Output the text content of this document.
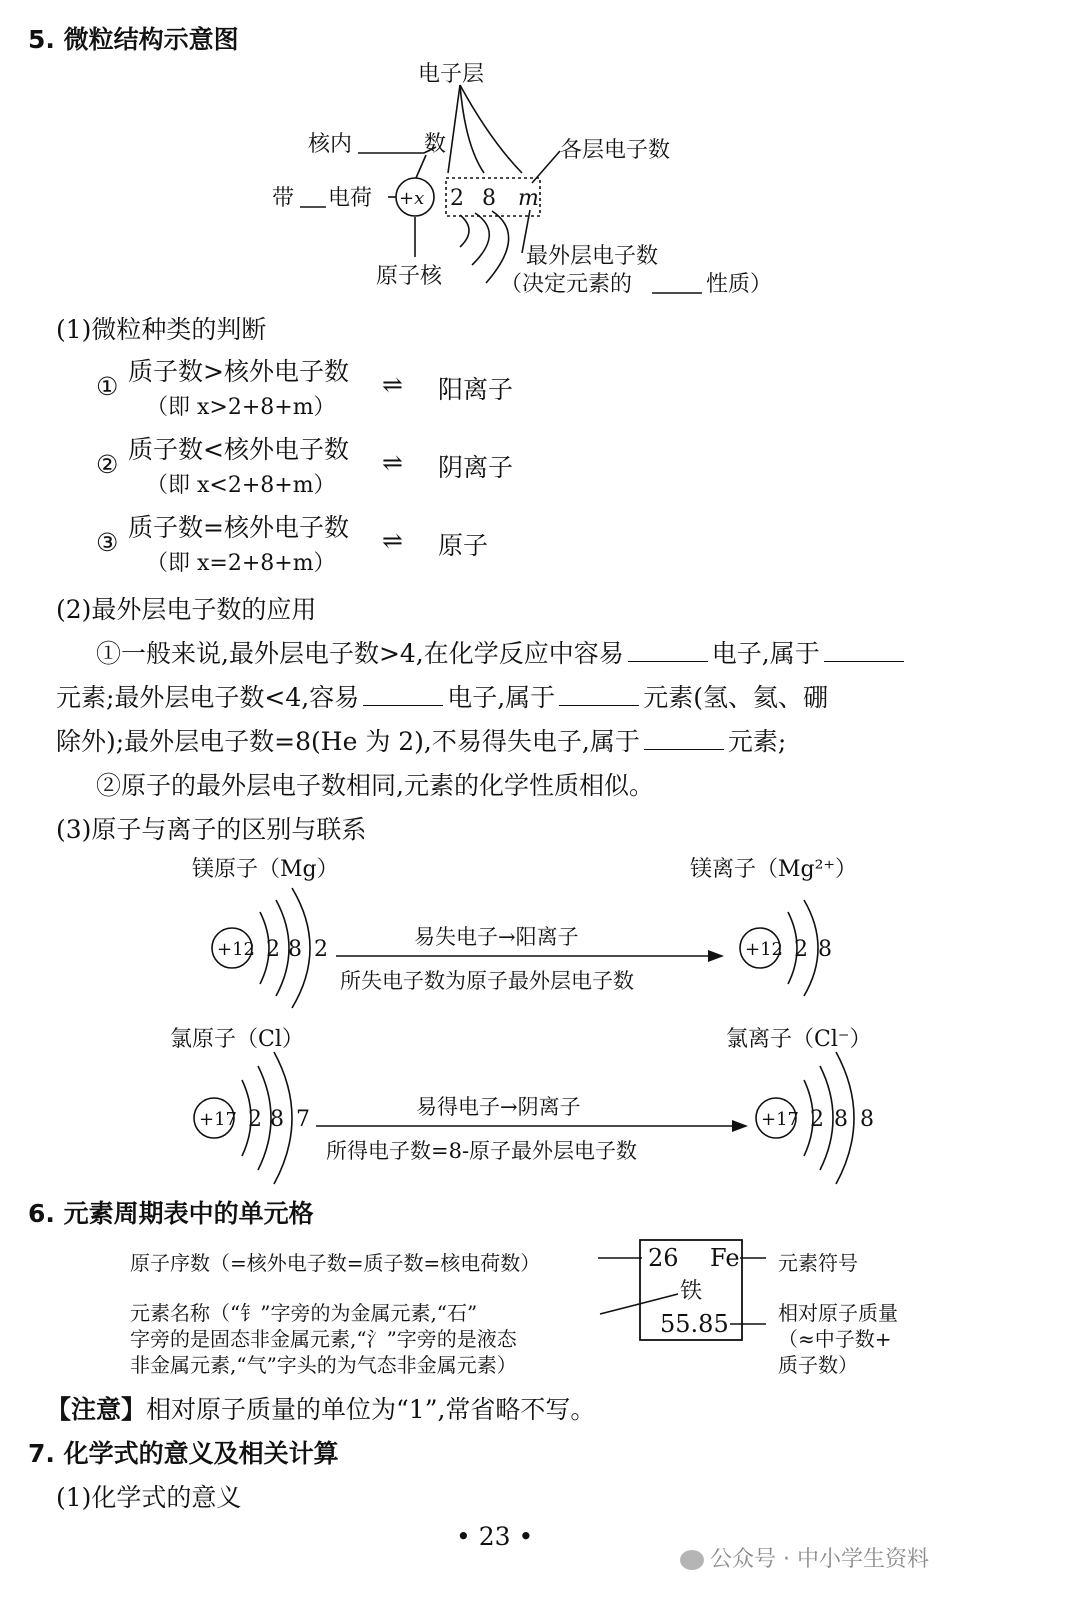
5. 微粒结构示意图
电子层
核内	数
带 电荷 +x 2 8 m
各层电子数
原子核
最外层电子数
（决定元素的	性质）
(1)微粒种类的判断
①
质子数>核外电子数
（即 x>2+8+m）
⇌ 阳离子
②
质子数<核外电子数
（即 x<2+8+m）
⇌ 阴离子
③
质子数=核外电子数
（即 x=2+8+m）
⇌ 原子
(2)最外层电子数的应用
①一般来说,最外层电子数>4,在化学反应中容易	电子,属于
元素;最外层电子数<4,容易	电子,属于	元素(氢、氦、硼
除外);最外层电子数=8(He 为 2),不易得失电子,属于	元素;
②原子的最外层电子数相同,元素的化学性质相似。
(3)原子与离子的区别与联系
镁原子（Mg）	镁离子（Mg²⁺）
氯原子（Cl）	氯离子（Cl⁻）
+12 2 8 2	易失电子→阳离子
所失电子数为原子最外层电子数
+12 2 8
+17 2 8 7	易得电子→阴离子
所得电子数=8-原子最外层电子数
+17 2 8 8
6. 元素周期表中的单元格
26 Fe
铁
55.85
原子序数（=核外电子数=质子数=核电荷数）
元素名称（“钅”字旁的为金属元素,“石”
字旁的是固态非金属元素,“氵”字旁的是液态
非金属元素,“气”字头的为气态非金属元素）
元素符号
相对原子质量
（≈中子数+
质子数）
【注意】相对原子质量的单位为“1”,常省略不写。
7. 化学式的意义及相关计算
(1)化学式的意义
• 23 •
公众号 · 中小学生资料
